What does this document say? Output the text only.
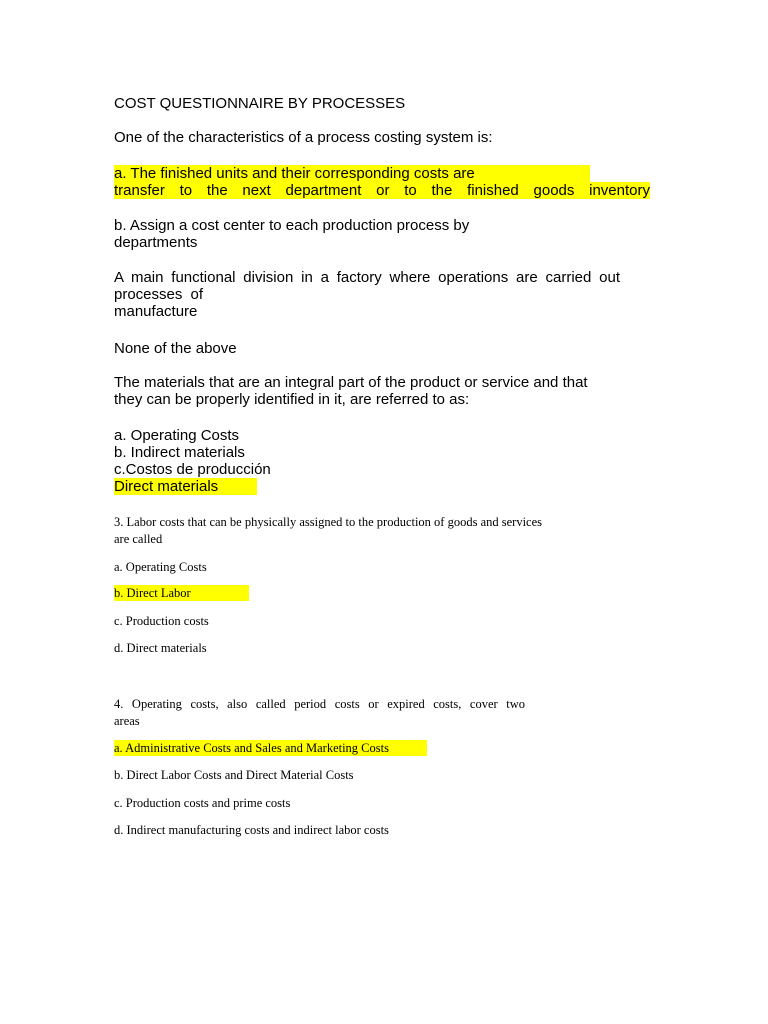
COST QUESTIONNAIRE BY PROCESSES

One of the characteristics of a process costing system is:

a. The finished units and their corresponding costs are
transfer to the next department or to the finished goods inventory
b. Assign a cost center to each production process by
departments
A main functional division in a factory where operations are carried out
processes of
manufacture

None of the above

The materials that are an integral part of the product or service and that
they can be properly identified in it, are referred to as:
a. Operating Costs
b. Indirect materials
c.Costos de producción
Direct materials
3. Labor costs that can be physically assigned to the production of goods and services
are called

a. Operating Costs

b. Direct Labor

c. Production costs

d. Direct materials

4. Operating costs, also called period costs or expired costs, cover two
areas

a. Administrative Costs and Sales and Marketing Costs

b. Direct Labor Costs and Direct Material Costs

c. Production costs and prime costs

d. Indirect manufacturing costs and indirect labor costs
